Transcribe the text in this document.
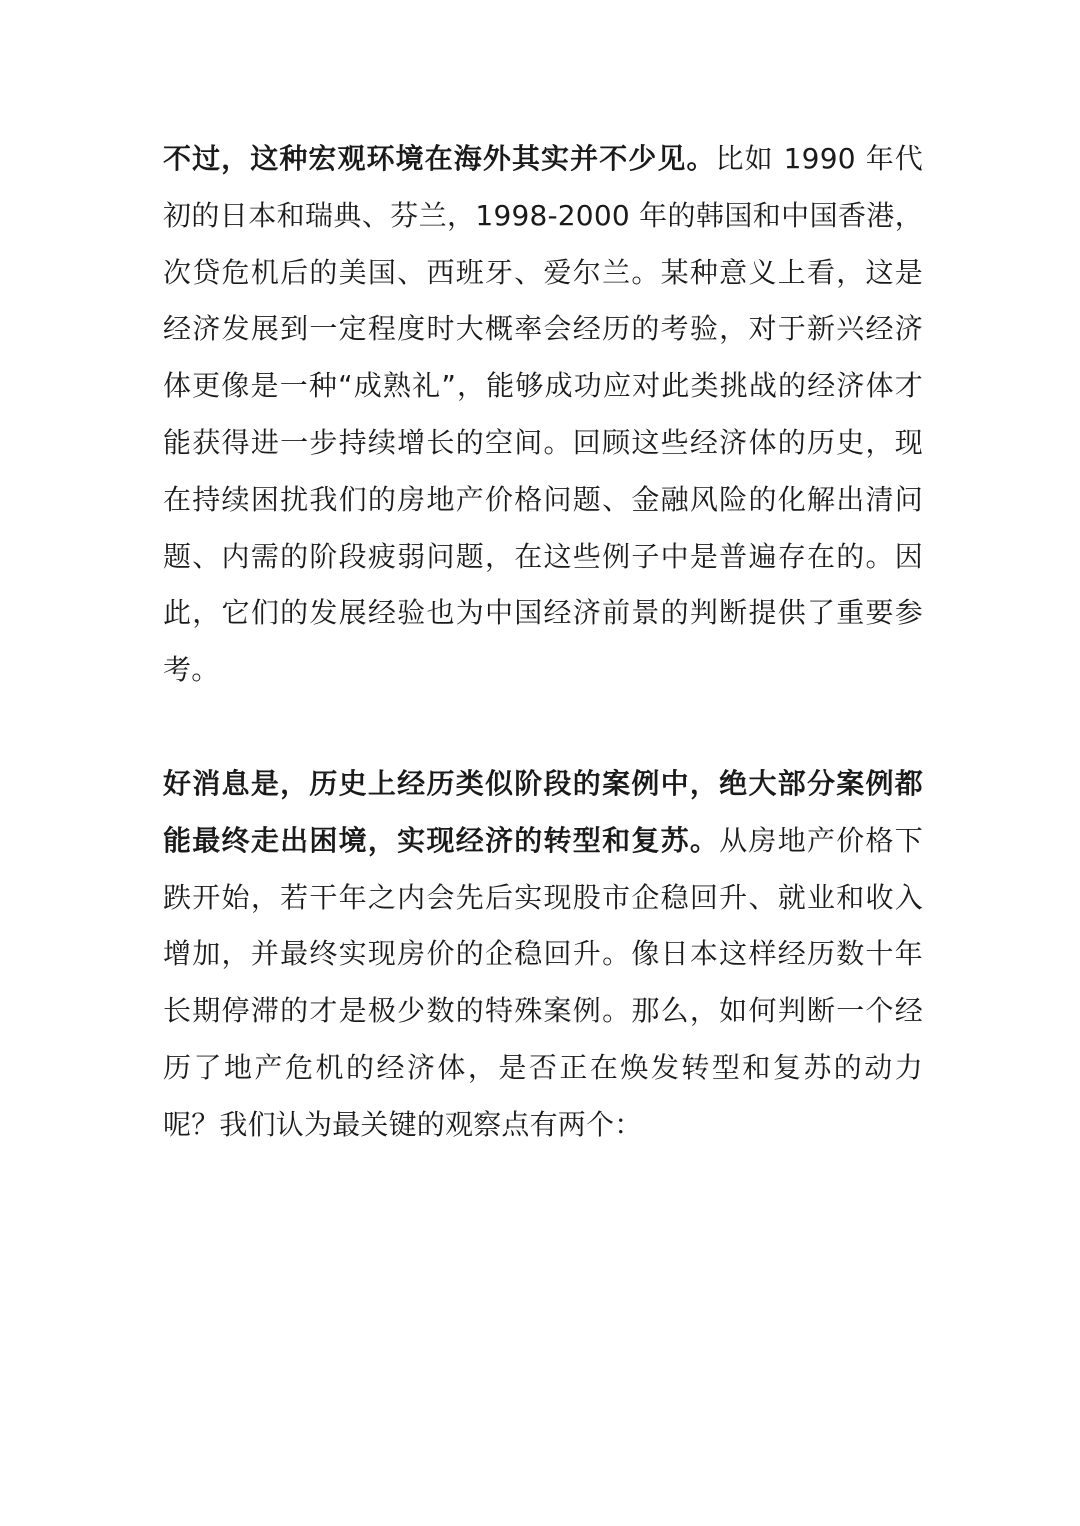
不过，这种宏观环境在海外其实并不少见。比如 1990 年代初的日本和瑞典、芬兰，1998-2000 年的韩国和中国香港，次贷危机后的美国、西班牙、爱尔兰。某种意义上看，这是经济发展到一定程度时大概率会经历的考验，对于新兴经济体更像是一种“成熟礼”，能够成功应对此类挑战的经济体才能获得进一步持续增长的空间。回顾这些经济体的历史，现在持续困扰我们的房地产价格问题、金融风险的化解出清问题、内需的阶段疲弱问题，在这些例子中是普遍存在的。因此，它们的发展经验也为中国经济前景的判断提供了重要参考。

好消息是，历史上经历类似阶段的案例中，绝大部分案例都能最终走出困境，实现经济的转型和复苏。从房地产价格下跌开始，若干年之内会先后实现股市企稳回升、就业和收入增加，并最终实现房价的企稳回升。像日本这样经历数十年长期停滞的才是极少数的特殊案例。那么，如何判断一个经历了地产危机的经济体，是否正在焕发转型和复苏的动力呢？我们认为最关键的观察点有两个：
